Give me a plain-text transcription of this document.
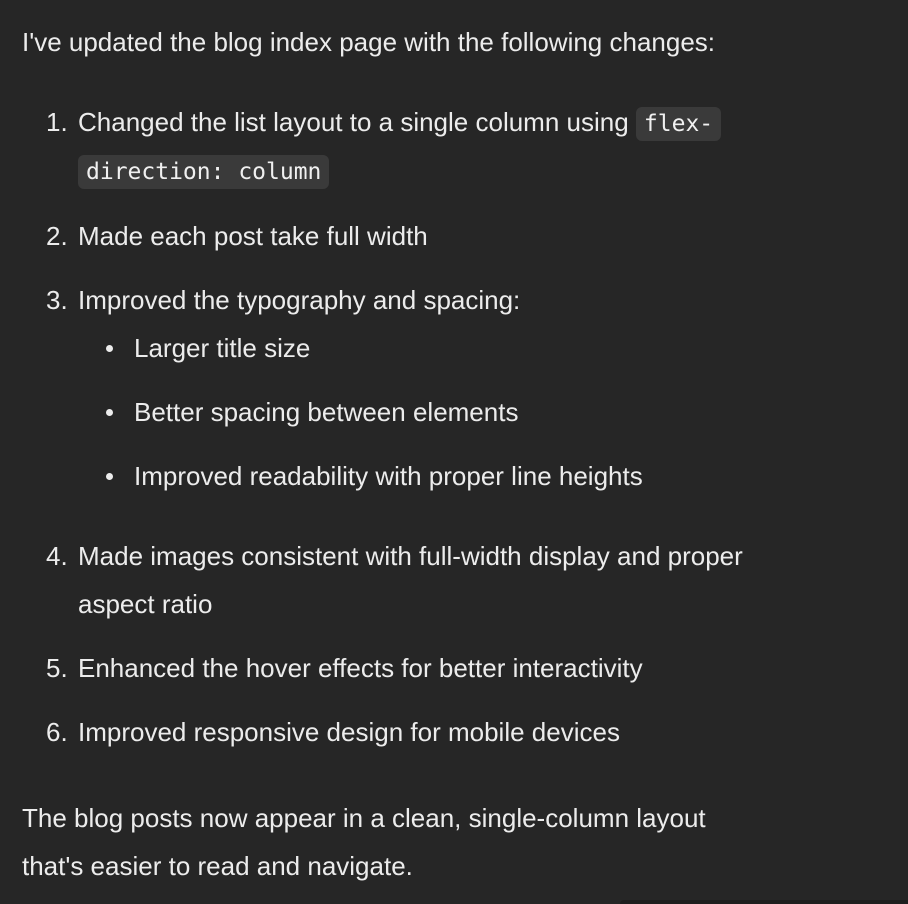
I've updated the blog index page with the following changes:

1. Changed the list layout to a single column using flex-
direction: column
2. Made each post take full width
3. Improved the typography and spacing:
Larger title size
Better spacing between elements
Improved readability with proper line heights
4. Made images consistent with full-width display and proper
aspect ratio
5. Enhanced the hover effects for better interactivity
6. Improved responsive design for mobile devices

The blog posts now appear in a clean, single-column layout
that's easier to read and navigate.
